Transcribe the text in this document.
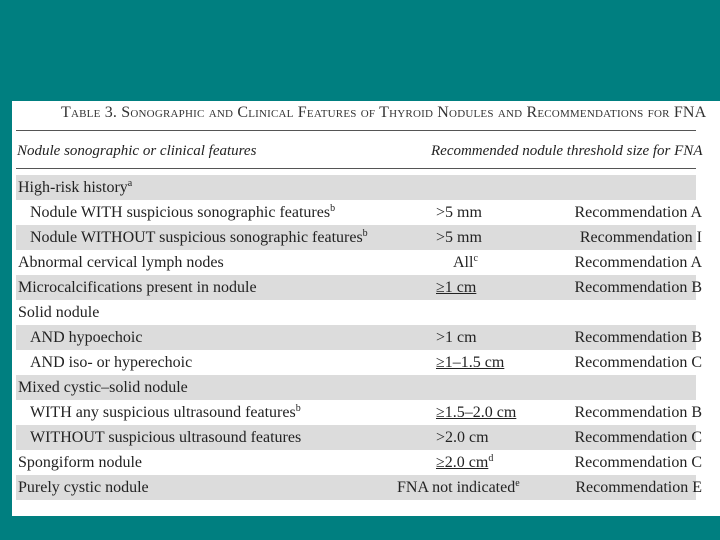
Table 3. Sonographic and Clinical Features of Thyroid Nodules and Recommendations for FNA
Nodule sonographic or clinical features	Recommended nodule threshold size for FNA
High-risk history$^a$
Nodule WITH suspicious sonographic features$^b$	>5 mm	Recommendation A
Nodule WITHOUT suspicious sonographic features$^b$	>5 mm	Recommendation I
Abnormal cervical lymph nodes	All$^c$	Recommendation A
Microcalcifications present in nodule	≥1 cm	Recommendation B
Solid nodule
AND hypoechoic	>1 cm	Recommendation B
AND iso- or hyperechoic	≥1–1.5 cm	Recommendation C
Mixed cystic–solid nodule
WITH any suspicious ultrasound features$^b$	≥1.5–2.0 cm	Recommendation B
WITHOUT suspicious ultrasound features	>2.0 cm	Recommendation C
Spongiform nodule	≥2.0 $cm^d$	Recommendation C
Purely cystic nodule	FNA not indicated$^e$	Recommendation E
